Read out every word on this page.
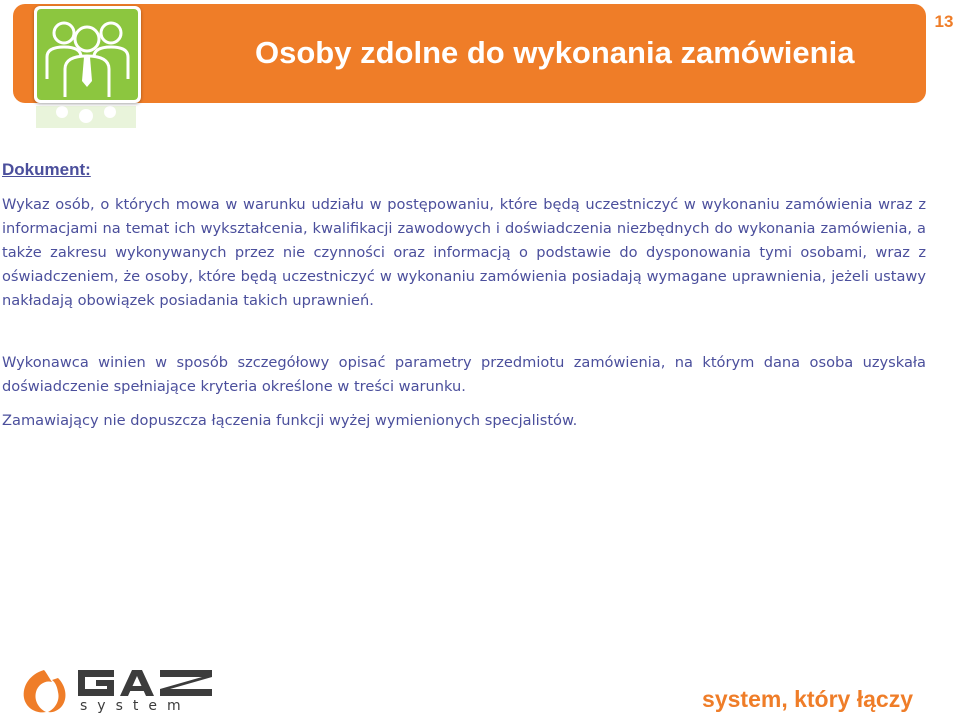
Osoby zdolne do wykonania zamówienia
13
Dokument:

Wykaz osób, o których mowa w warunku udziału w postępowaniu, które będą uczestniczyć w wykonaniu zamówienia wraz z informacjami na temat ich wykształcenia, kwalifikacji zawodowych i doświadczenia niezbędnych do wykonania zamówienia, a także zakresu wykonywanych przez nie czynności oraz informacją o podstawie do dysponowania tymi osobami, wraz z oświadczeniem, że osoby, które będą uczestniczyć w wykonaniu zamówienia posiadają wymagane uprawnienia, jeżeli ustawy nakładają obowiązek posiadania takich uprawnień.

Wykonawca winien w sposób szczegółowy opisać parametry przedmiotu zamówienia, na którym dana osoba uzyskała doświadczenie spełniające kryteria określone w treści warunku.

Zamawiający nie dopuszcza łączenia funkcji wyżej wymienionych specjalistów.

system	system, który łączy
